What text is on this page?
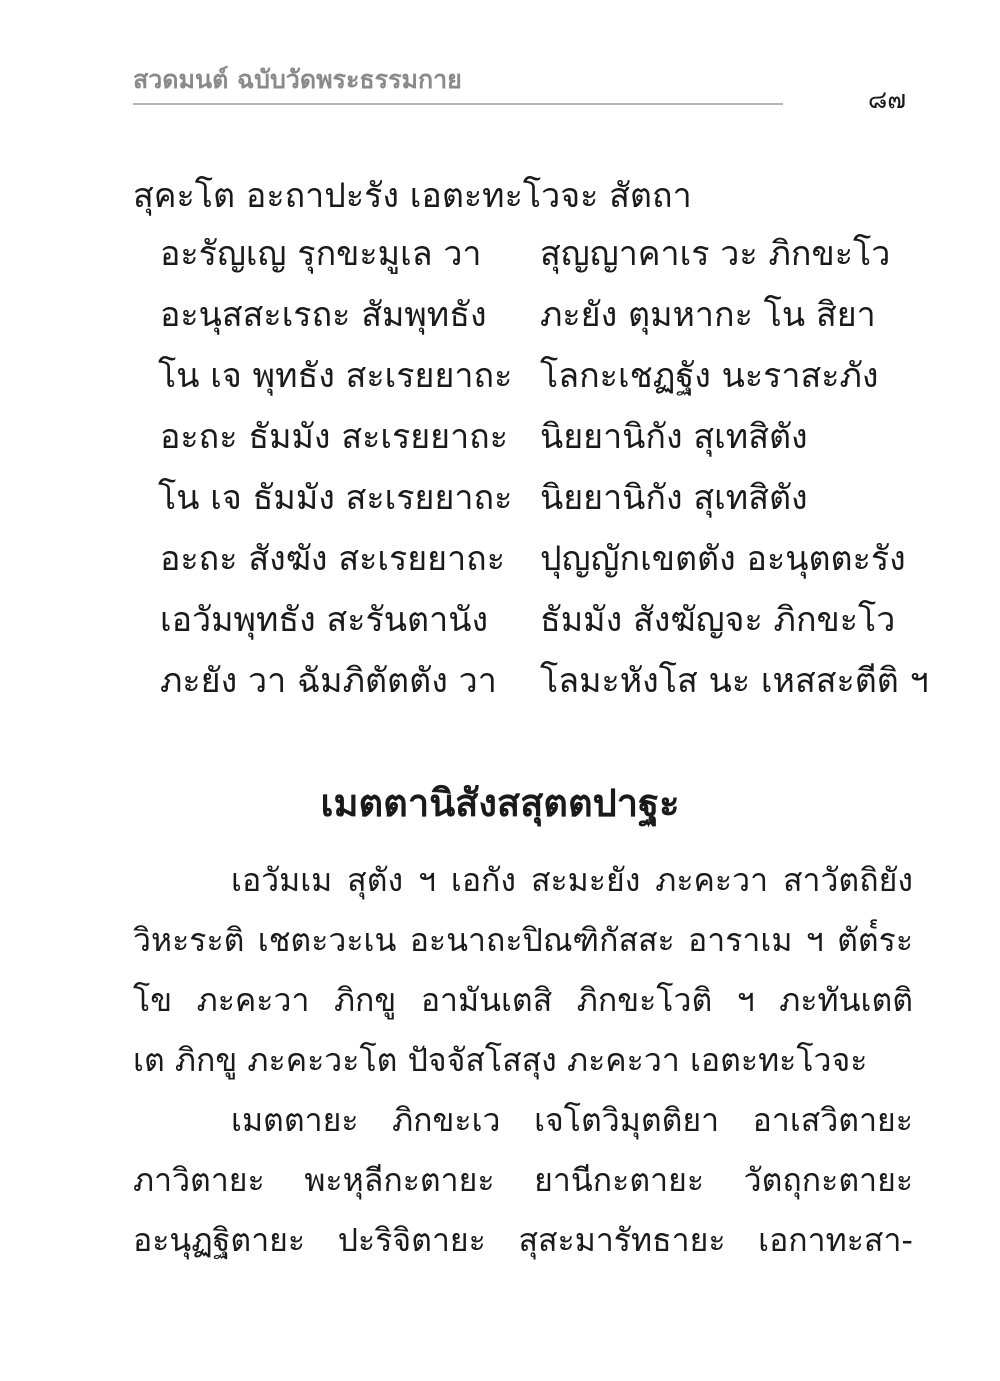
สวดมนต์ ฉบับวัดพระธรรมกาย
๘๗
สุคะโต อะถาปะรัง เอตะทะโวจะ สัตถา
อะรัญเญ รุกขะมูเล วา สุญญาคาเร วะ ภิกขะโว
อะนุสสะเรถะ สัมพุทธัง ภะยัง ตุมหากะ โน สิยา
โน เจ พุทธัง สะเรยยาถะ โลกะเชฏฐัง นะราสะภัง
อะถะ ธัมมัง สะเรยยาถะ นิยยานิกัง สุเทสิตัง
โน เจ ธัมมัง สะเรยยาถะ นิยยานิกัง สุเทสิตัง
อะถะ สังฆัง สะเรยยาถะ ปุญญักเขตตัง อะนุตตะรัง
เอวัมพุทธัง สะรันตานัง ธัมมัง สังฆัญจะ ภิกขะโว
ภะยัง วา ฉัมภิตัตตัง วา โลมะหังโส นะ เหสสะตีติ ฯ
เมตตานิสังสสุตตปาฐะ
เอวัมเม สุตัง ฯ เอกัง สะมะยัง ภะคะวา สาวัตถิยัง
วิหะระติ เชตะวะเน อะนาถะปิณฑิกัสสะ อาราเม ฯ ตัต๎ระ
โข ภะคะวา ภิกขู อามันเตสิ ภิกขะโวติ ฯ ภะทันเตติ
เต ภิกขู ภะคะวะโต ปัจจัสโสสุง ภะคะวา เอตะทะโวจะ
เมตตายะ ภิกขะเว เจโตวิมุตติยา อาเสวิตายะ
ภาวิตายะ พะหุลีกะตายะ ยานีกะตายะ วัตถุกะตายะ
อะนุฏฐิตายะ ปะริจิตายะ สุสะมารัทธายะ เอกาทะสา-
